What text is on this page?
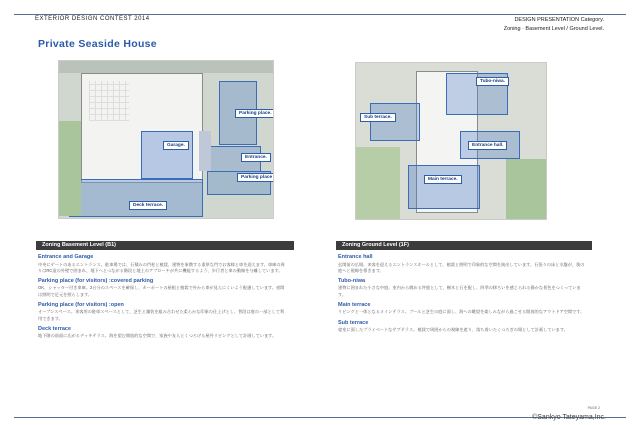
EXTERIOR DESIGN CONTEST 2014	DESIGN PRESENTATION Category.
Zoning · Basement Level / Ground Level.
Private Seaside House
Parking place.
Garage.
Entrance.
Parking place
Deck terrace.
Tubo-niwa.
Sub terrace.
Entrance hall.
Main terrace.
Zoning Basement Level (B1)
Entrance and Garage
中央にゲートのあるエントランス。駐車場では、石積みの門柱と植栽、建物を象徴する重厚な門でお客様と車を迎えます。車庫の周りはRC造の外壁で囲まれ、地下へとつながる階段と地上のアプローチが共に機能するよう、歩行者と車の動線を分離しています。
Parking place (for visitors) :covered parking
OK、シャッター付き車庫。2台分のスペースを確保し、カーポートの屋根と植栽で外から車が見えにくいよう配慮しています。夜間は照明で足元を照らします。
Parking place (for visitors) :open
オープンスペース。来客用の駐車スペースとして、芝生と舗装を組み合わせた柔らかな印象の仕上げとし、普段は庭の一部として利用できます。
Deck terrace
地下階の前面に広がるデッキテラス。海を望む開放的な空間で、家族や友人とくつろげる屋外リビングとして計画しています。
Zoning Ground Level (1F)
Entrance hall
玄関前の広場。来客を迎えるエントランスホールとして、植栽と照明で印象的な空間を演出しています。石張りの床と水盤が、奥の庭へと視線を導きます。
Tubo-niwa
建物に囲まれた小さな中庭。室内から眺める坪庭として、樹木と石を配し、四季の移ろいを感じられる静かな景色をつくっています。
Main terrace
リビングと一体となるメインテラス。プールと芝生の庭に面し、海への眺望を楽しみながら過ごせる開放的なアウトドア空間です。
Sub terrace
寝室に面したプライベートなサブテラス。植栽で周囲からの視線を遮り、落ち着いたくつろぎの場として計画しています。
PAGE 2
©Sankyo Tateyama,Inc.
